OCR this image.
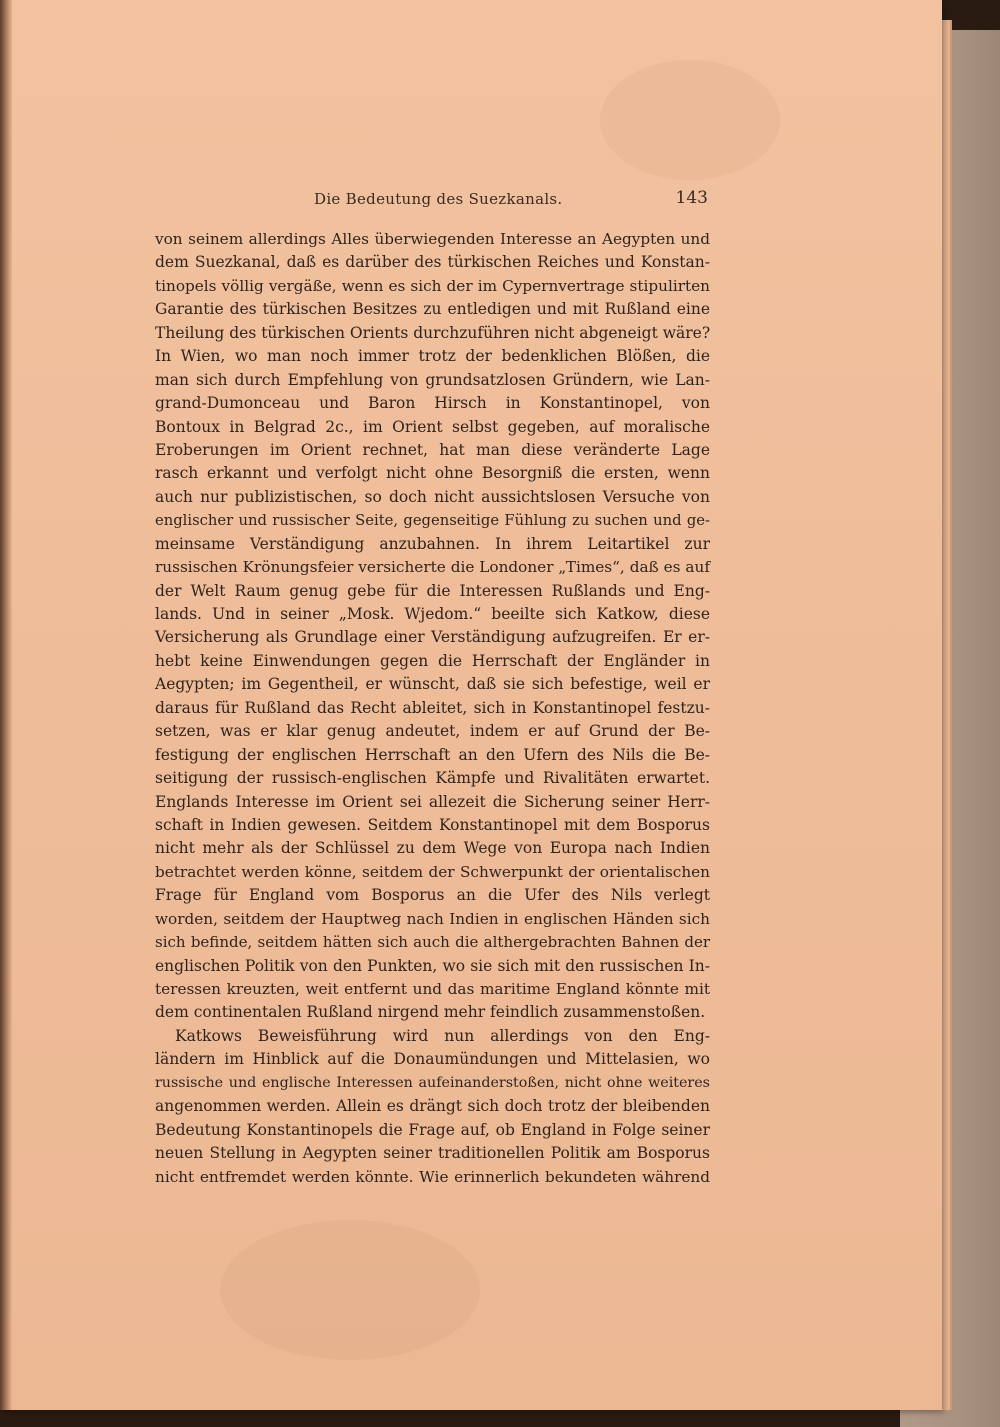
Die Bedeutung des Suezkanals.	143
von seinem allerdings Alles überwiegenden Interesse an Aegypten und
dem Suezkanal, daß es darüber des türkischen Reiches und Konstan-
tinopels völlig vergäße, wenn es sich der im Cypernvertrage stipulirten
Garantie des türkischen Besitzes zu entledigen und mit Rußland eine
Theilung des türkischen Orients durchzuführen nicht abgeneigt wäre?
In Wien, wo man noch immer trotz der bedenklichen Blößen, die
man sich durch Empfehlung von grundsatzlosen Gründern, wie Lan-
grand-Dumonceau und Baron Hirsch in Konstantinopel, von
Bontoux in Belgrad 2c., im Orient selbst gegeben, auf moralische
Eroberungen im Orient rechnet, hat man diese veränderte Lage
rasch erkannt und verfolgt nicht ohne Besorgniß die ersten, wenn
auch nur publizistischen, so doch nicht aussichtslosen Versuche von
englischer und russischer Seite, gegenseitige Fühlung zu suchen und ge-
meinsame Verständigung anzubahnen. In ihrem Leitartikel zur
russischen Krönungsfeier versicherte die Londoner „Times“, daß es auf
der Welt Raum genug gebe für die Interessen Rußlands und Eng-
lands. Und in seiner „Mosk. Wjedom.“ beeilte sich Katkow, diese
Versicherung als Grundlage einer Verständigung aufzugreifen. Er er-
hebt keine Einwendungen gegen die Herrschaft der Engländer in
Aegypten; im Gegentheil, er wünscht, daß sie sich befestige, weil er
daraus für Rußland das Recht ableitet, sich in Konstantinopel festzu-
setzen, was er klar genug andeutet, indem er auf Grund der Be-
festigung der englischen Herrschaft an den Ufern des Nils die Be-
seitigung der russisch-englischen Kämpfe und Rivalitäten erwartet.
Englands Interesse im Orient sei allezeit die Sicherung seiner Herr-
schaft in Indien gewesen. Seitdem Konstantinopel mit dem Bosporus
nicht mehr als der Schlüssel zu dem Wege von Europa nach Indien
betrachtet werden könne, seitdem der Schwerpunkt der orientalischen
Frage für England vom Bosporus an die Ufer des Nils verlegt
worden, seitdem der Hauptweg nach Indien in englischen Händen sich
sich befinde, seitdem hätten sich auch die althergebrachten Bahnen der
englischen Politik von den Punkten, wo sie sich mit den russischen In-
teressen kreuzten, weit entfernt und das maritime England könnte mit
dem continentalen Rußland nirgend mehr feindlich zusammenstoßen.
Katkows Beweisführung wird nun allerdings von den Eng-
ländern im Hinblick auf die Donaumündungen und Mittelasien, wo
russische und englische Interessen aufeinanderstoßen, nicht ohne weiteres
angenommen werden. Allein es drängt sich doch trotz der bleibenden
Bedeutung Konstantinopels die Frage auf, ob England in Folge seiner
neuen Stellung in Aegypten seiner traditionellen Politik am Bosporus
nicht entfremdet werden könnte. Wie erinnerlich bekundeten während
